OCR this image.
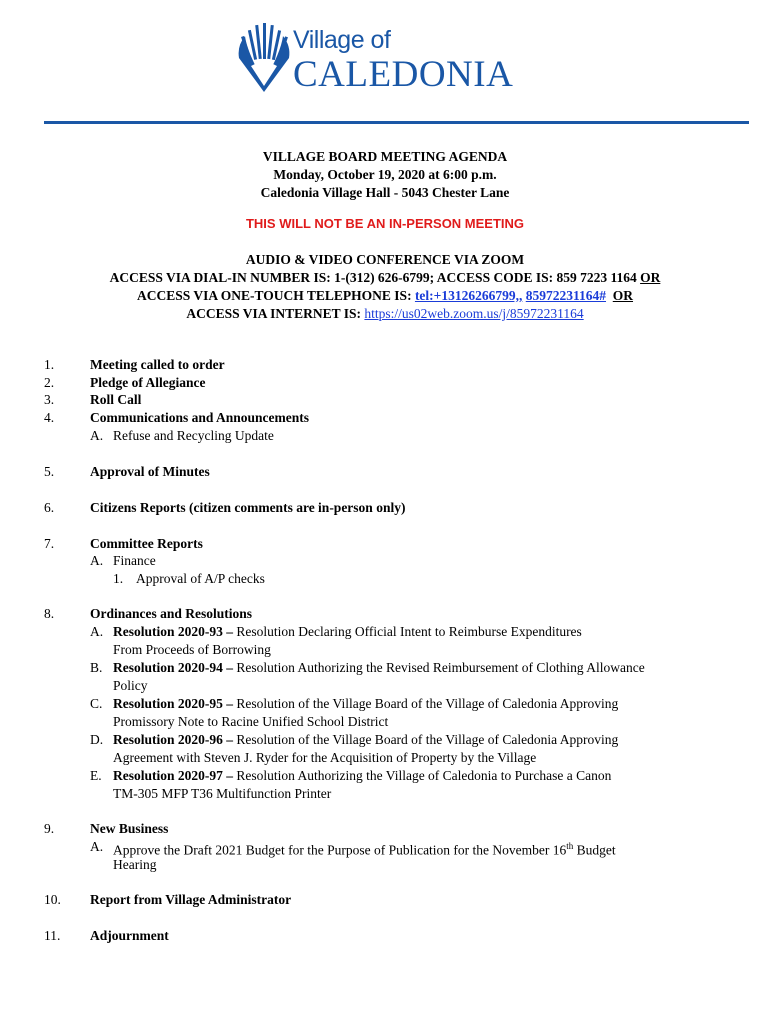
Village of
CALEDONIA
VILLAGE BOARD MEETING AGENDA
Monday, October 19, 2020 at 6:00 p.m.
Caledonia Village Hall - 5043 Chester Lane
THIS WILL NOT BE AN IN-PERSON MEETING
AUDIO & VIDEO CONFERENCE VIA ZOOM
ACCESS VIA DIAL-IN NUMBER IS: 1-(312) 626-6799; ACCESS CODE IS: 859 7223 1164 OR
ACCESS VIA ONE-TOUCH TELEPHONE IS: tel:+13126266799,, 85972231164# OR
ACCESS VIA INTERNET IS: https://us02web.zoom.us/j/85972231164
1.	Meeting called to order
2.	Pledge of Allegiance
3.	Roll Call
4.	Communications and Announcements
A. Refuse and Recycling Update
5.	Approval of Minutes
6.	Citizens Reports (citizen comments are in-person only)
7.	Committee Reports
A. Finance
1. Approval of A/P checks
8.	Ordinances and Resolutions
A. Resolution 2020-93 – Resolution Declaring Official Intent to Reimburse Expenditures
From Proceeds of Borrowing
B. Resolution 2020-94 – Resolution Authorizing the Revised Reimbursement of Clothing Allowance
Policy
C. Resolution 2020-95 – Resolution of the Village Board of the Village of Caledonia Approving
Promissory Note to Racine Unified School District
D. Resolution 2020-96 – Resolution of the Village Board of the Village of Caledonia Approving
Agreement with Steven J. Ryder for the Acquisition of Property by the Village
E. Resolution 2020-97 – Resolution Authorizing the Village of Caledonia to Purchase a Canon
TM-305 MFP T36 Multifunction Printer
9.	New Business
A. Approve the Draft 2021 Budget for the Purpose of Publication for the November 16th Budget
Hearing
10. Report from Village Administrator
11. Adjournment
